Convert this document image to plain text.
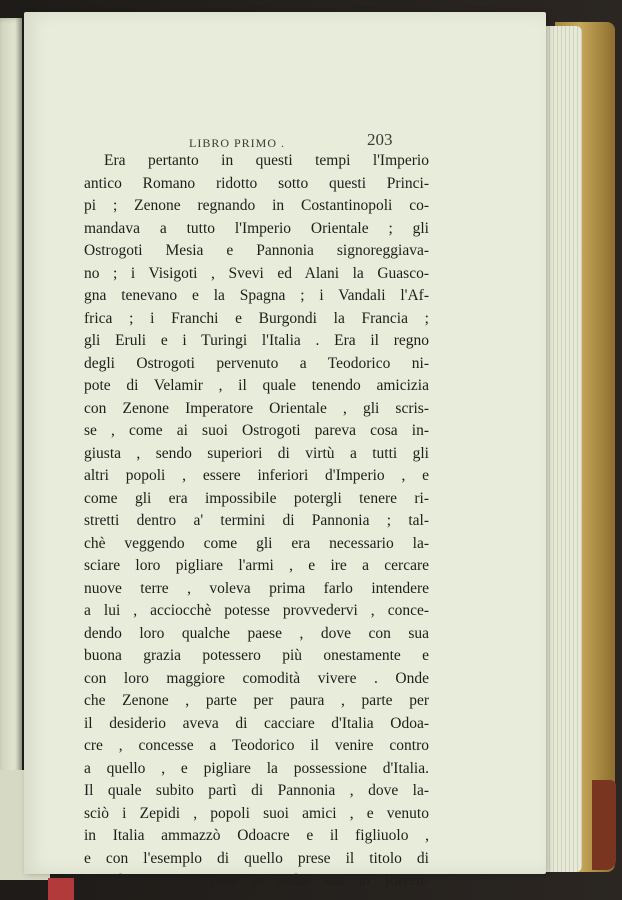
LIBRO PRIMO .	203
Era pertanto in questi tempi l'Imperio
antico Romano ridotto sotto questi Princi-
pi ; Zenone regnando in Costantinopoli co-
mandava a tutto l'Imperio Orientale ; gli
Ostrogoti Mesia e Pannonia signoreggiava-
no ; i Visigoti , Svevi ed Alani la Guasco-
gna tenevano e la Spagna ; i Vandali l'Af-
frica ; i Franchi e Burgondi la Francia ;
gli Eruli e i Turingi l'Italia . Era il regno
degli Ostrogoti pervenuto a Teodorico ni-
pote di Velamir , il quale tenendo amicizia
con Zenone Imperatore Orientale , gli scris-
se , come ai suoi Ostrogoti pareva cosa in-
giusta , sendo superiori di virtù a tutti gli
altri popoli , essere inferiori d'Imperio , e
come gli era impossibile potergli tenere ri-
stretti dentro a' termini di Pannonia ; tal-
chè veggendo come gli era necessario la-
sciare loro pigliare l'armi , e ire a cercare
nuove terre , voleva prima farlo intendere
a lui , acciocchè potesse provvedervi , conce-
dendo loro qualche paese , dove con sua
buona grazia potessero più onestamente e
con loro maggiore comodità vivere . Onde
che Zenone , parte per paura , parte per
il desiderio aveva di cacciare d'Italia Odoa-
cre , concesse a Teodorico il venire contro
a quello , e pigliare la possessione d'Italia.
Il quale subito partì di Pannonia , dove la-
sciò i Zepidi , popoli suoi amici , e venuto
in Italia ammazzò Odoacre e il figliuolo ,
e con l'esemplo di quello prese il titolo di
Re d'Italia , e pose la sedia sua in Raven-
